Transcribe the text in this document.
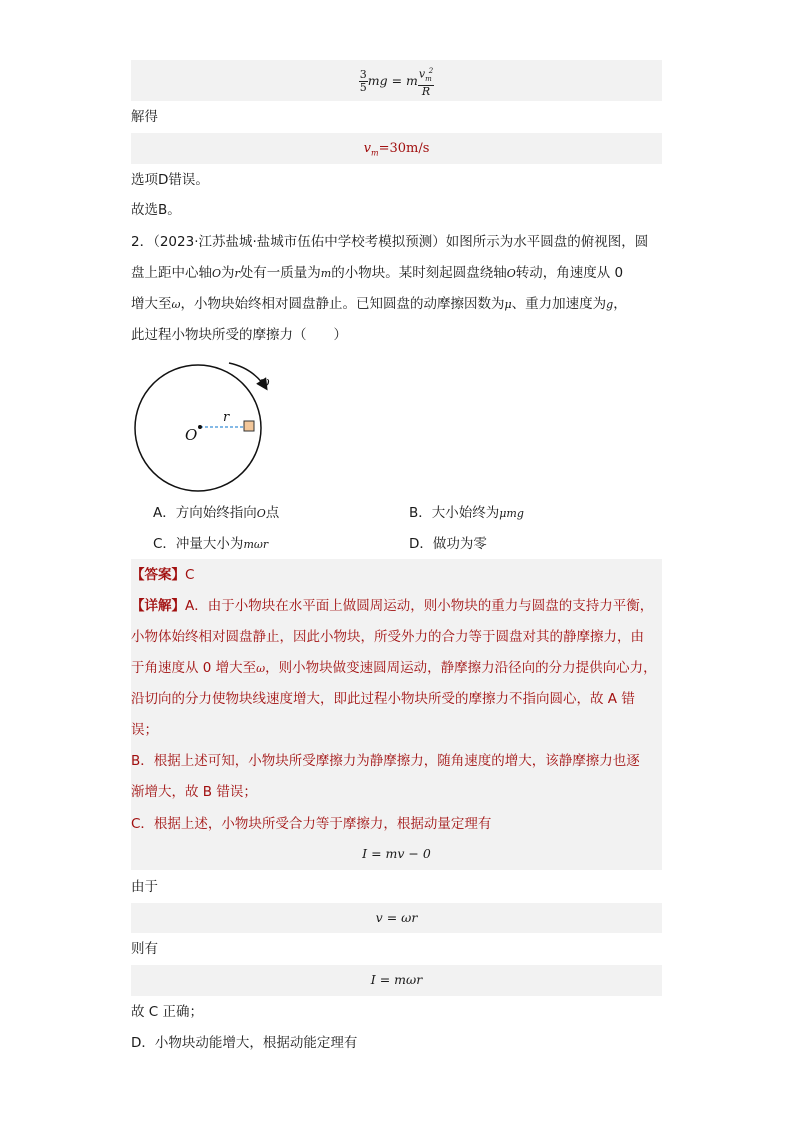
$\frac{3}{5}$ mg = m $\frac{v_m^2}{R}$
解得
$v_m=30m/s$
选项D错误。
故选B。
2．（2023·江苏盐城·盐城市伍佑中学校考模拟预测）如图所示为水平圆盘的俯视图，圆
盘上距中心轴O为r处有一质量为m的小物块。某时刻起圆盘绕轴O转动，角速度从 0
增大至ω，小物块始终相对圆盘静止。已知圆盘的动摩擦因数为μ、重力加速度为g，
此过程小物块所受的摩擦力（　　）
ω
r
O
A．方向始终指向O点	B．大小始终为μmg
C．冲量大小为mωr	D．做功为零
【答案】C
【详解】A．由于小物块在水平面上做圆周运动，则小物块的重力与圆盘的支持力平衡，
小物体始终相对圆盘静止，因此小物块，所受外力的合力等于圆盘对其的静摩擦力，由
于角速度从 0 增大至ω，则小物块做变速圆周运动，静摩擦力沿径向的分力提供向心力，
沿切向的分力使物块线速度增大，即此过程小物块所受的摩擦力不指向圆心，故 A 错
误；
B．根据上述可知，小物块所受摩擦力为静摩擦力，随角速度的增大，该静摩擦力也逐
渐增大，故 B 错误；
C．根据上述，小物块所受合力等于摩擦力，根据动量定理有
I = mv − 0
由于
v = ωr
则有
I = mωr
故 C 正确；
D．小物块动能增大，根据动能定理有
